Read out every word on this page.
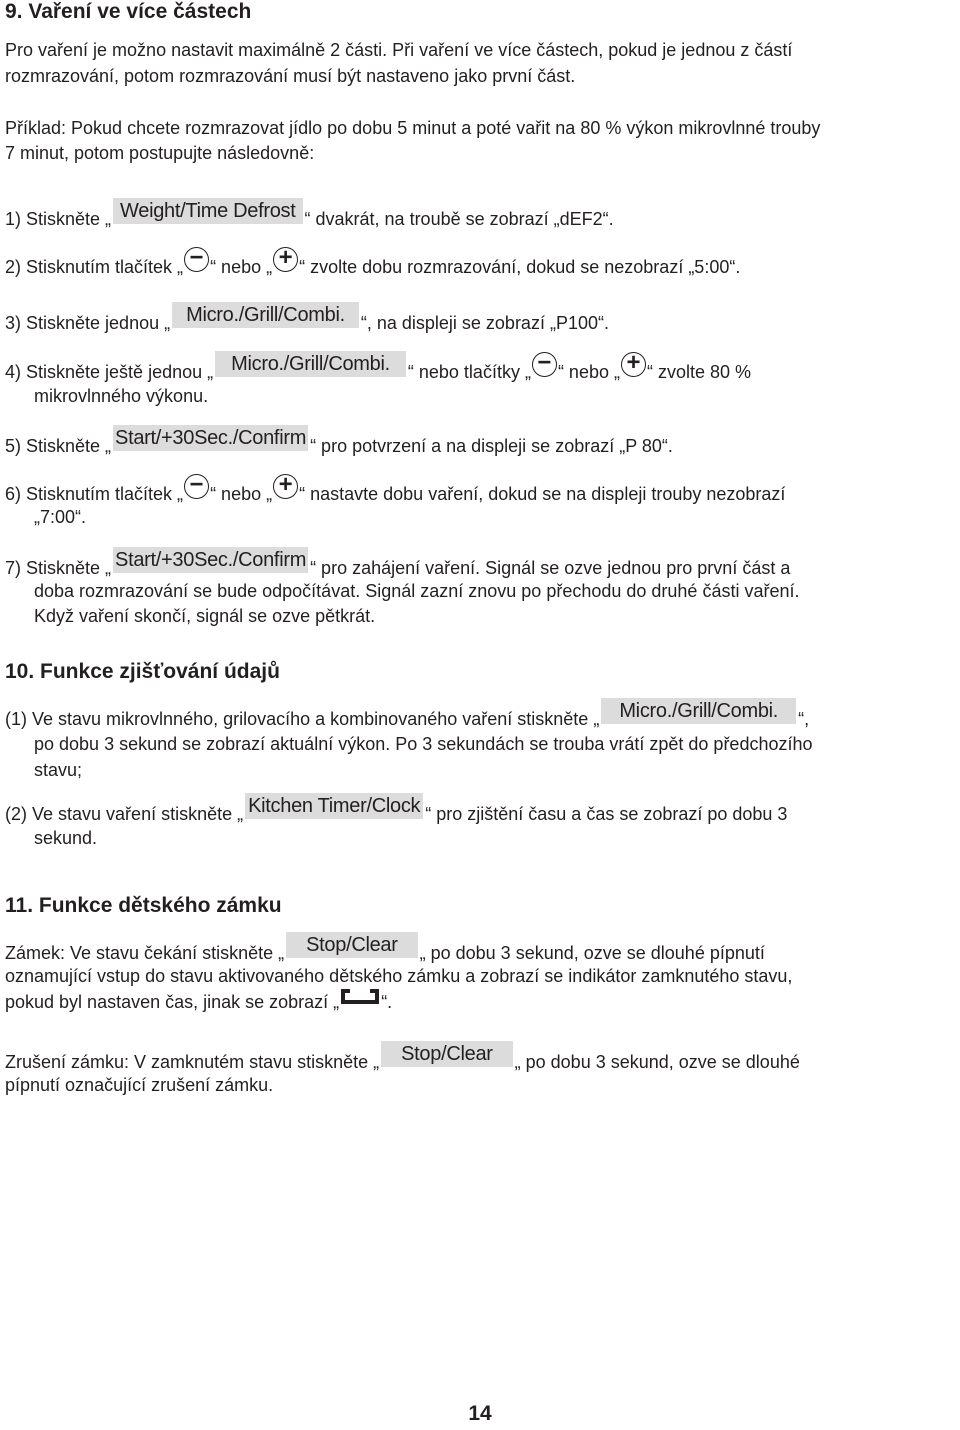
9. Vaření ve více částech

Pro vaření je možno nastavit maximálně 2 části. Při vaření ve více částech, pokud je jednou z částí

rozmrazování, potom rozmrazování musí být nastaveno jako první část.

Příklad: Pokud chcete rozmrazovat jídlo po dobu 5 minut a poté vařit na 80 % výkon mikrovlnné trouby

7 minut, potom postupujte následovně:

1) Stiskněte „ Weight/Time Defrost “ dvakrát, na troubě se zobrazí „dEF2“.
2) Stisknutím tlačítek „ − “ nebo „ + “ zvolte dobu rozmrazování, dokud se nezobrazí „5:00“.
3) Stiskněte jednou „ Micro./Grill/Combi. “, na displeji se zobrazí „P100“.
4) Stiskněte ještě jednou „ Micro./Grill/Combi.	“ nebo tlačítky „ − “ nebo „ + “ zvolte 80 %
mikrovlnného výkonu.
5) Stiskněte „ Start/+30Sec./Confirm “ pro potvrzení a na displeji se zobrazí „P 80“.
6) Stisknutím tlačítek „ − “ nebo „ + “ nastavte dobu vaření, dokud se na displeji trouby nezobrazí
„7:00“.
7) Stiskněte „ Start/+30Sec./Confirm “ pro zahájení vaření. Signál se ozve jednou pro první část a
doba rozmrazování se bude odpočítávat. Signál zazní znovu po přechodu do druhé části vaření.
Když vaření skončí, signál se ozve pětkrát.
10. Funkce zjišťování údajů
(1) Ve stavu mikrovlnného, grilovacího a kombinovaného vaření stiskněte „	Micro./Grill/Combi.	“,
po dobu 3 sekund se zobrazí aktuální výkon. Po 3 sekundách se trouba vrátí zpět do předchozího
stavu;
(2) Ve stavu vaření stiskněte „ Kitchen Timer/Clock “ pro zjištění času a čas se zobrazí po dobu 3
sekund.
11. Funkce dětského zámku
Zámek: Ve stavu čekání stiskněte „	Stop/Clear	„ po dobu 3 sekund, ozve se dlouhé pípnutí
oznamující vstup do stavu aktivovaného dětského zámku a zobrazí se indikátor zamknutého stavu,
pokud byl nastaven čas, jinak se zobrazí „ “.
Zrušení zámku: V zamknutém stavu stiskněte „	Stop/Clear	„ po dobu 3 sekund, ozve se dlouhé
pípnutí označující zrušení zámku.
14
